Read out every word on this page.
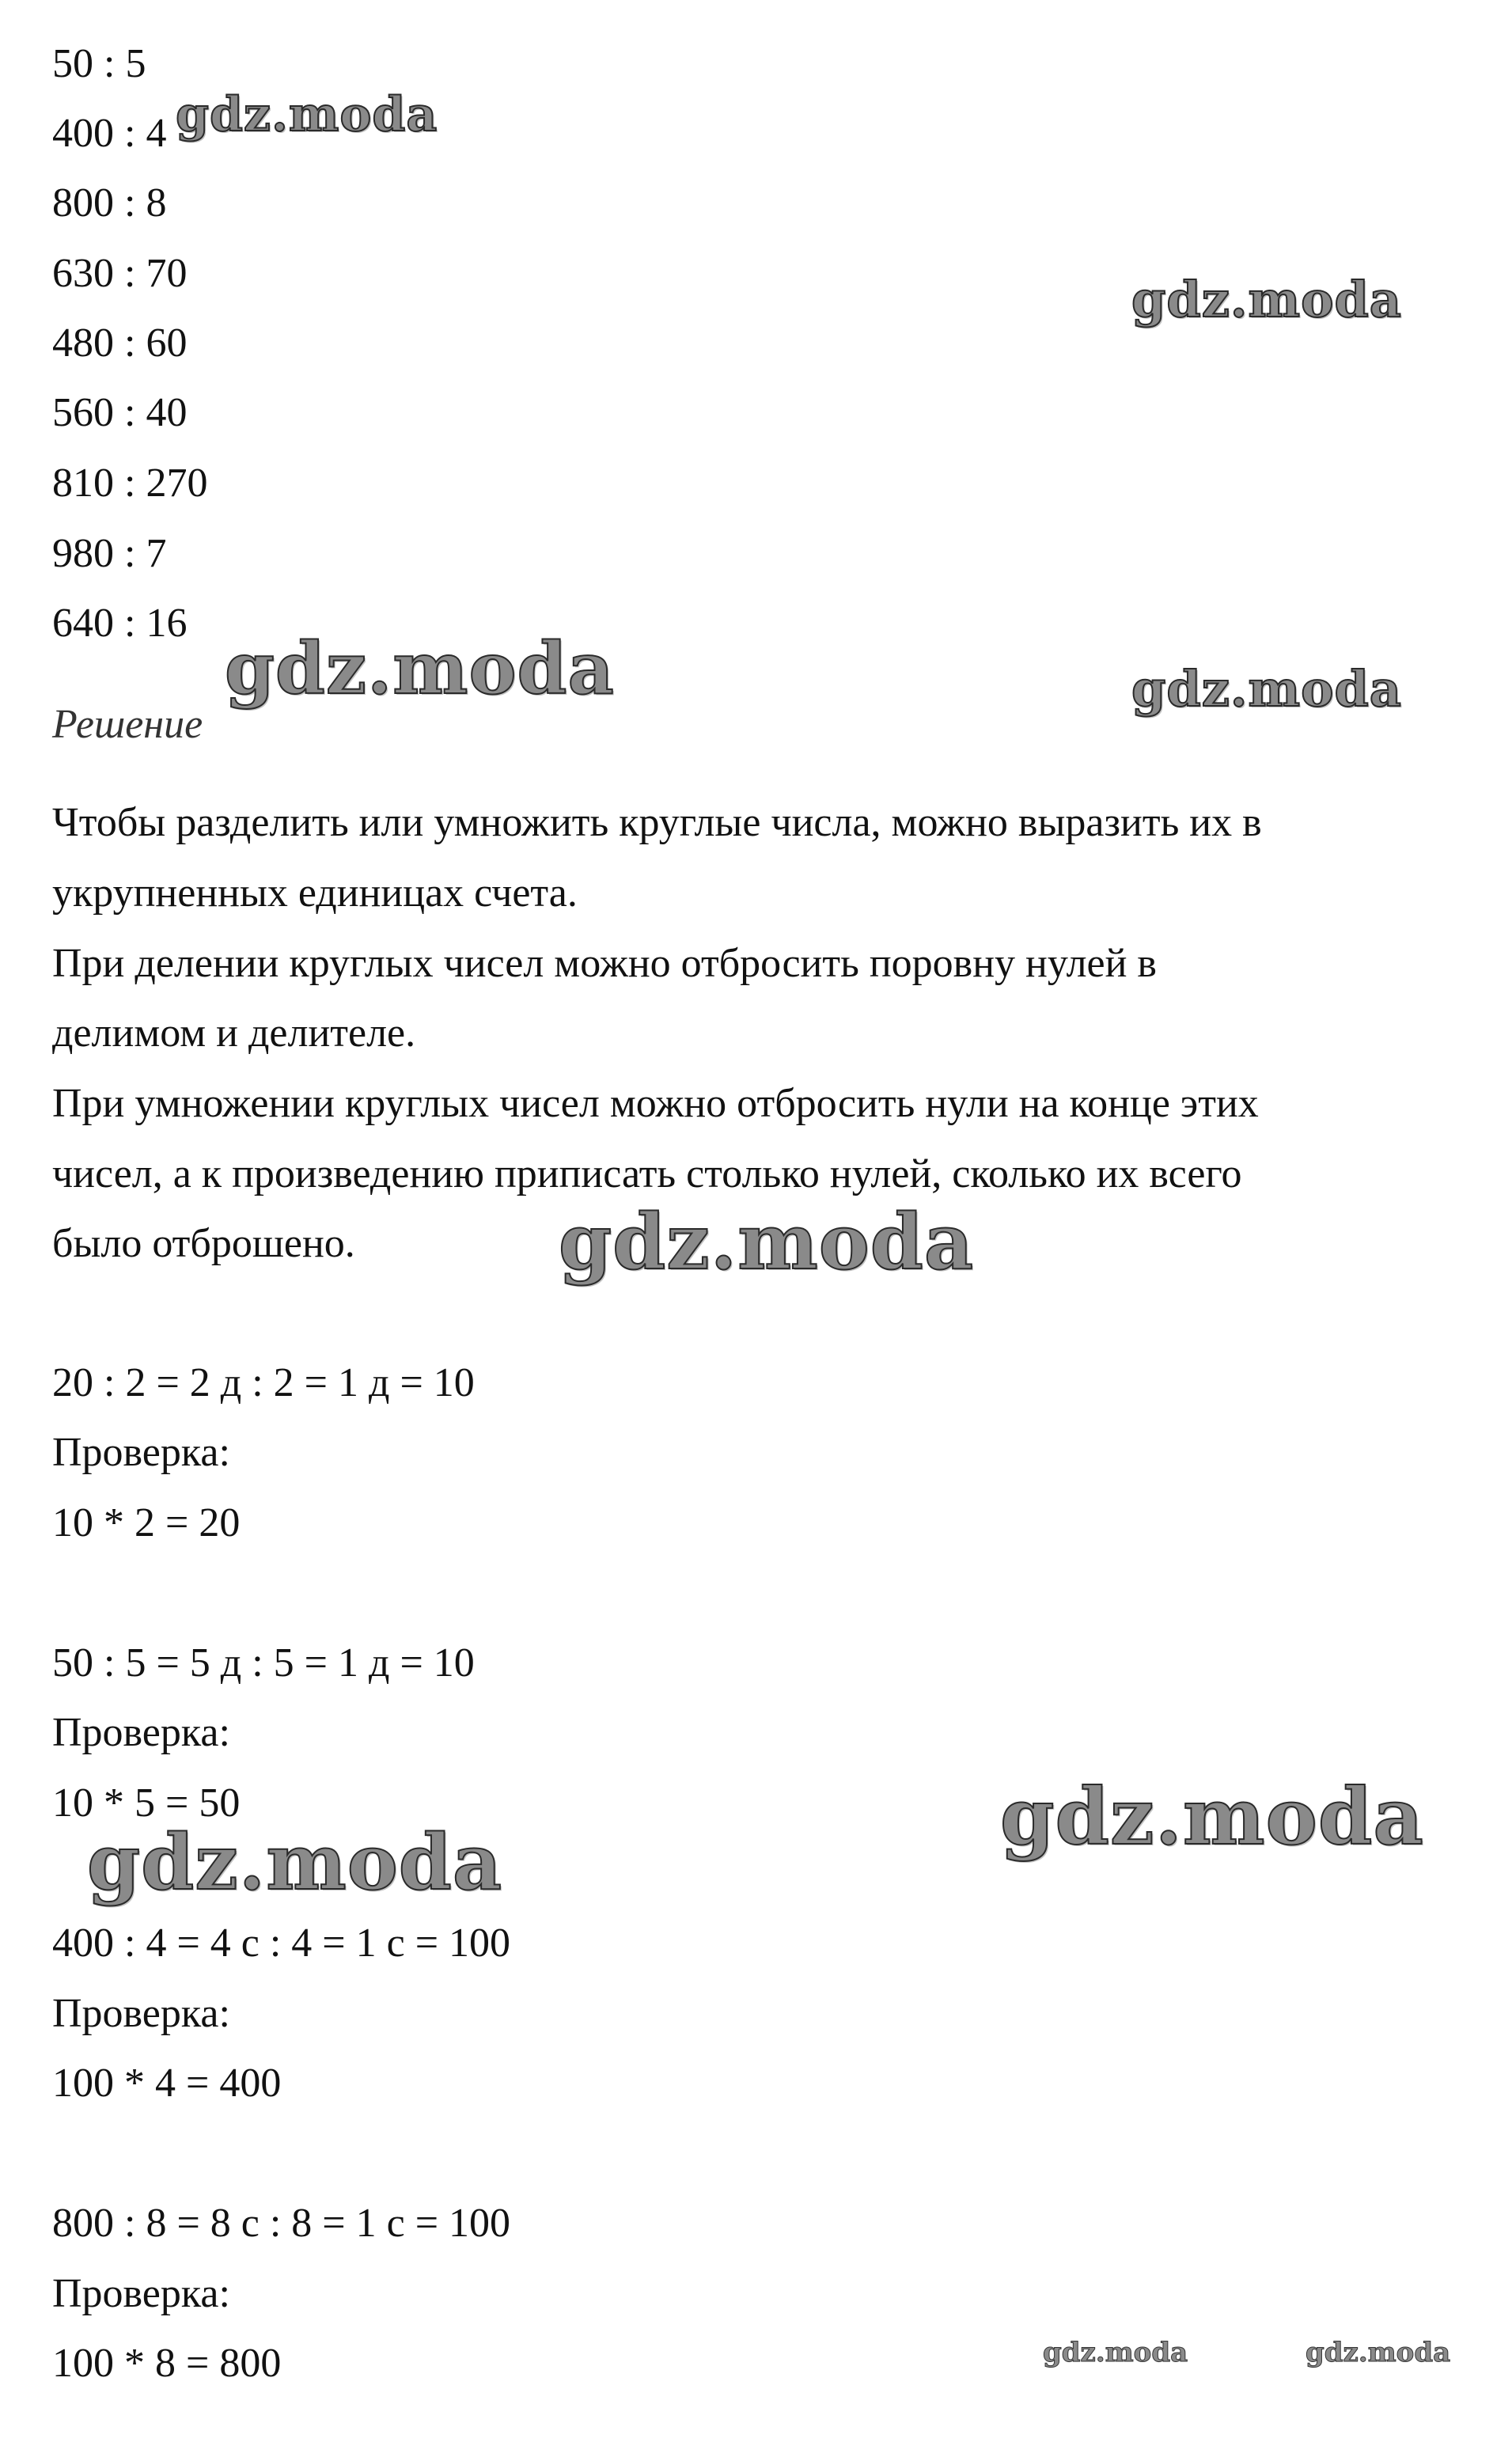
50 : 5
400 : 4
800 : 8
630 : 70
480 : 60
560 : 40
810 : 270
980 : 7
640 : 16
Решение
Чтобы разделить или умножить круглые числа, можно выразить их в
укрупненных единицах счета.
При делении круглых чисел можно отбросить поровну нулей в
делимом и делителе.
При умножении круглых чисел можно отбросить нули на конце этих
чисел, а к произведению приписать столько нулей, сколько их всего
было отброшено.
20 : 2 = 2 д : 2 = 1 д = 10
Проверка:
10 * 2 = 20
50 : 5 = 5 д : 5 = 1 д = 10
Проверка:
10 * 5 = 50
400 : 4 = 4 с : 4 = 1 с = 100
Проверка:
100 * 4 = 400
800 : 8 = 8 с : 8 = 1 с = 100
Проверка:
100 * 8 = 800
gdz.moda
gdz.moda
gdz.moda	gdz.moda
gdz.moda
gdz.moda
gdz.moda
gdz.moda	gdz.moda
